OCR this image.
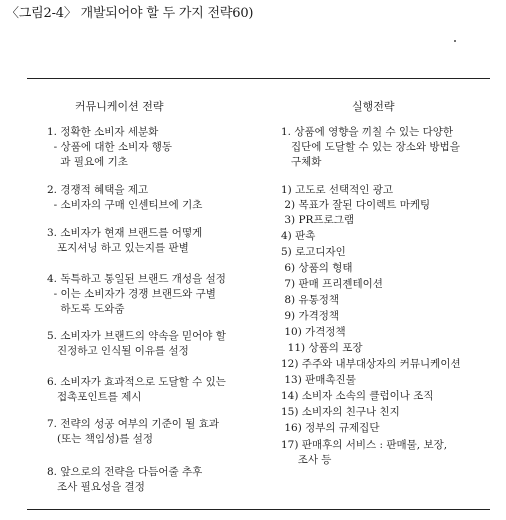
〈그림2-4〉 개발되어야 할 두 가지 전략60)
커뮤니케이션 전략
1. 정확한 소비자 세분화
- 상품에 대한 소비자 행동
과 필요에 기초
2. 경쟁적 혜택을 제고
- 소비자의 구매 인센티브에 기초
3. 소비자가 현재 브랜드를 어떻게
포지셔닝 하고 있는지를 판별
4. 독특하고 통일된 브랜드 개성을 설정
- 이는 소비자가 경쟁 브랜드와 구별
하도록 도와줌
5. 소비자가 브랜드의 약속을 믿어야 할
진정하고 인식될 이유를 설정
6. 소비자가 효과적으로 도달할 수 있는
접촉포인트를 제시
7. 전략의 성공 여부의 기준이 될 효과
(또는 책임성)를 설정
8. 앞으로의 전략을 다듬어줄 추후
조사 필요성을 결정
실행전략
1. 상품에 영향을 끼칠 수 있는 다양한
집단에 도달할 수 있는 장소와 방법을
구체화
1) 고도로 선택적인 광고
2) 목표가 잘된 다이렉트 마케팅
3) PR프로그램
4) 판촉
5) 로고디자인
6) 상품의 형태
7) 판매 프리젠테이션
8) 유통정책
9) 가격정책
10) 가격정책
11) 상품의 포장
12) 주주와 내부대상자의 커뮤니케이션
13) 판매촉진물
14) 소비자 소속의 클럽이나 조직
15) 소비자의 친구나 친지
16) 정부의 규제집단
17) 판매후의 서비스 : 판매물, 보장,
조사 등
